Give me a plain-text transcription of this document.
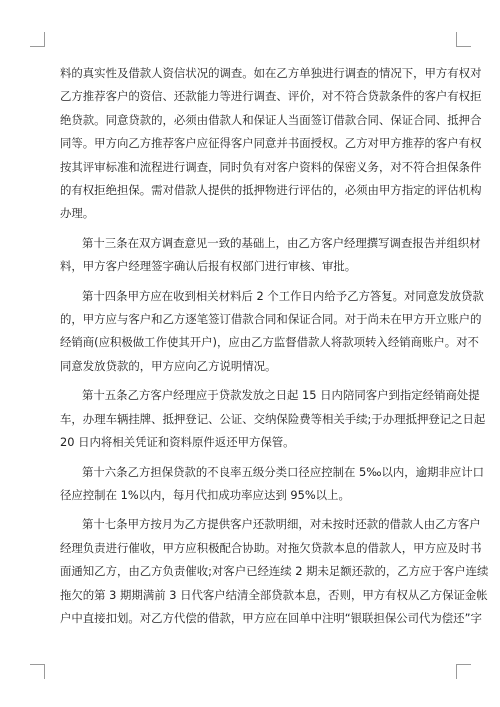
料的真实性及借款人资信状况的调查。如在乙方单独进行调查的情况下，甲方有权对
乙方推荐客户的资信、还款能力等进行调查、评价，对不符合贷款条件的客户有权拒
绝贷款。同意贷款的，必须由借款人和保证人当面签订借款合同、保证合同、抵押合
同等。甲方向乙方推荐客户应征得客户同意并书面授权。乙方对甲方推荐的客户有权
按其评审标准和流程进行调查，同时负有对客户资料的保密义务，对不符合担保条件
的有权拒绝担保。需对借款人提供的抵押物进行评估的，必须由甲方指定的评估机构
办理。
第十三条在双方调查意见一致的基础上，由乙方客户经理撰写调查报告并组织材
料，甲方客户经理签字确认后报有权部门进行审核、审批。
第十四条甲方应在收到相关材料后 2 个工作日内给予乙方答复。对同意发放贷款
的，甲方应与客户和乙方逐笔签订借款合同和保证合同。对于尚未在甲方开立账户的
经销商(应积极做工作使其开户)，应由乙方监督借款人将款项转入经销商账户。对不
同意发放贷款的，甲方应向乙方说明情况。
第十五条乙方客户经理应于贷款发放之日起 15 日内陪同客户到指定经销商处提
车，办理车辆挂牌、抵押登记、公证、交纳保险费等相关手续;于办理抵押登记之日起
20 日内将相关凭证和资料原件返还甲方保管。
第十六条乙方担保贷款的不良率五级分类口径应控制在 5‰以内，逾期非应计口
径应控制在 1%以内，每月代扣成功率应达到 95%以上。
第十七条甲方按月为乙方提供客户还款明细，对未按时还款的借款人由乙方客户
经理负责进行催收，甲方应积极配合协助。对拖欠贷款本息的借款人，甲方应及时书
面通知乙方，由乙方负责催收;对客户已经连续 2 期未足额还款的，乙方应于客户连续
拖欠的第 3 期期满前 3 日代客户结清全部贷款本息，否则，甲方有权从乙方保证金帐
户中直接扣划。对乙方代偿的借款，甲方应在回单中注明“银联担保公司代为偿还”字
